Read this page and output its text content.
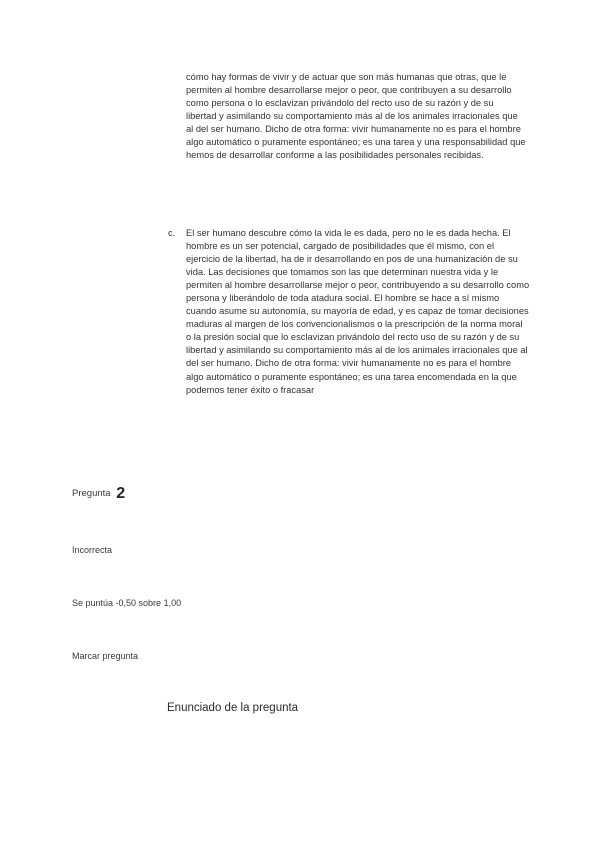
cómo hay formas de vivir y de actuar que son más humanas que otras, que le permiten al hombre desarrollarse mejor o peor, que contribuyen a su desarrollo como persona o lo esclavizan privándolo del recto uso de su razón y de su libertad y asimilando su comportamiento más al de los animales irracionales que al del ser humano. Dicho de otra forma: vivir humanamente no es para el hombre algo automático o puramente espontáneo; es una tarea y una responsabilidad que hemos de desarrollar conforme a las posibilidades personales recibidas.

c.	El ser humano descubre cómo la vida le es dada, pero no le es dada hecha. El hombre es un ser potencial, cargado de posibilidades que él mismo, con el ejercicio de la libertad, ha de ir desarrollando en pos de una humanización de su vida. Las decisiones que tomamos son las que determinan nuestra vida y le permiten al hombre desarrollarse mejor o peor, contribuyendo a su desarrollo como persona y liberándolo de toda atadura social. El hombre se hace a sí mismo cuando asume su autonomía, su mayoría de edad, y es capaz de tomar decisiones maduras al margen de los convencionalismos o la prescripción de la norma moral o la presión social que lo esclavizan privándolo del recto uso de su razón y de su libertad y asimilando su comportamiento más al de los animales irracionales que al del ser humano. Dicho de otra forma: vivir humanamente no es para el hombre algo automático o puramente espontáneo; es una tarea encomendada en la que podemos tener éxito o fracasar
Pregunta 2
Incorrecta
Se puntúa -0,50 sobre 1,00
Marcar pregunta
Enunciado de la pregunta
